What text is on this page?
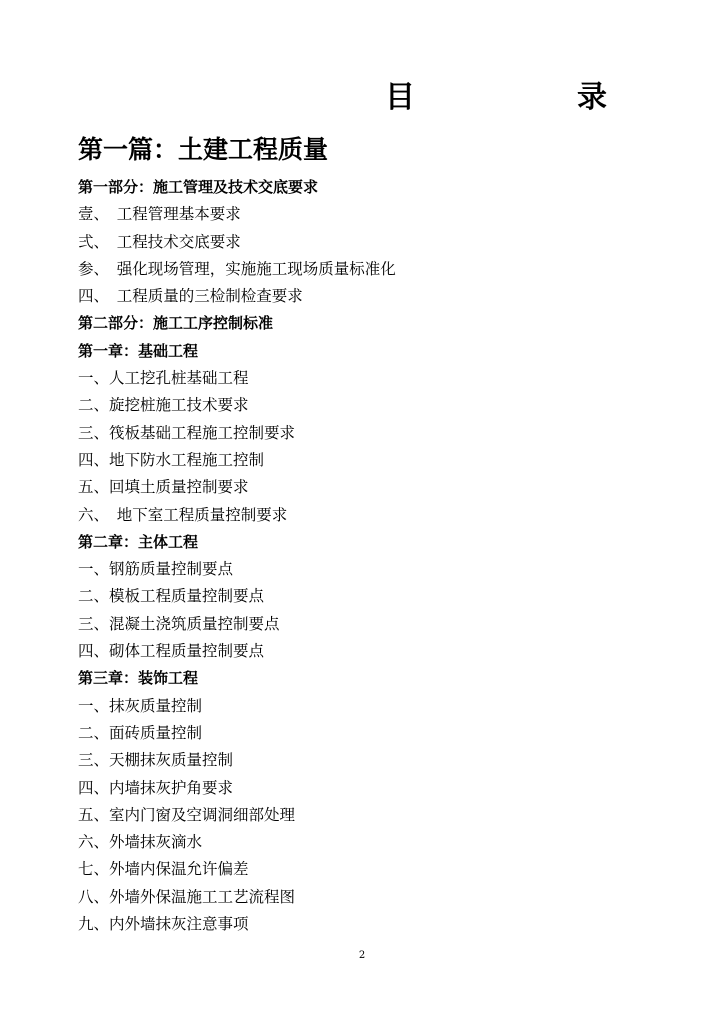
目　录
第一篇：土建工程质量
第一部分：施工管理及技术交底要求
壹、　工程管理基本要求
弍、　工程技术交底要求
参、　强化现场管理，实施施工现场质量标准化
四、　工程质量的三检制检查要求
第二部分：施工工序控制标准
第一章：基础工程
一、人工挖孔桩基础工程
二、旋挖桩施工技术要求
三、筏板基础工程施工控制要求
四、地下防水工程施工控制
五、回填土质量控制要求
六、　地下室工程质量控制要求
第二章：主体工程
一、钢筋质量控制要点
二、模板工程质量控制要点
三、混凝土浇筑质量控制要点
四、砌体工程质量控制要点
第三章：装饰工程
一、抹灰质量控制
二、面砖质量控制
三、天棚抹灰质量控制
四、内墙抹灰护角要求
五、室内门窗及空调洞细部处理
六、外墙抹灰滴水
七、外墙内保温允许偏差
八、外墙外保温施工工艺流程图
九、内外墙抹灰注意事项
2
